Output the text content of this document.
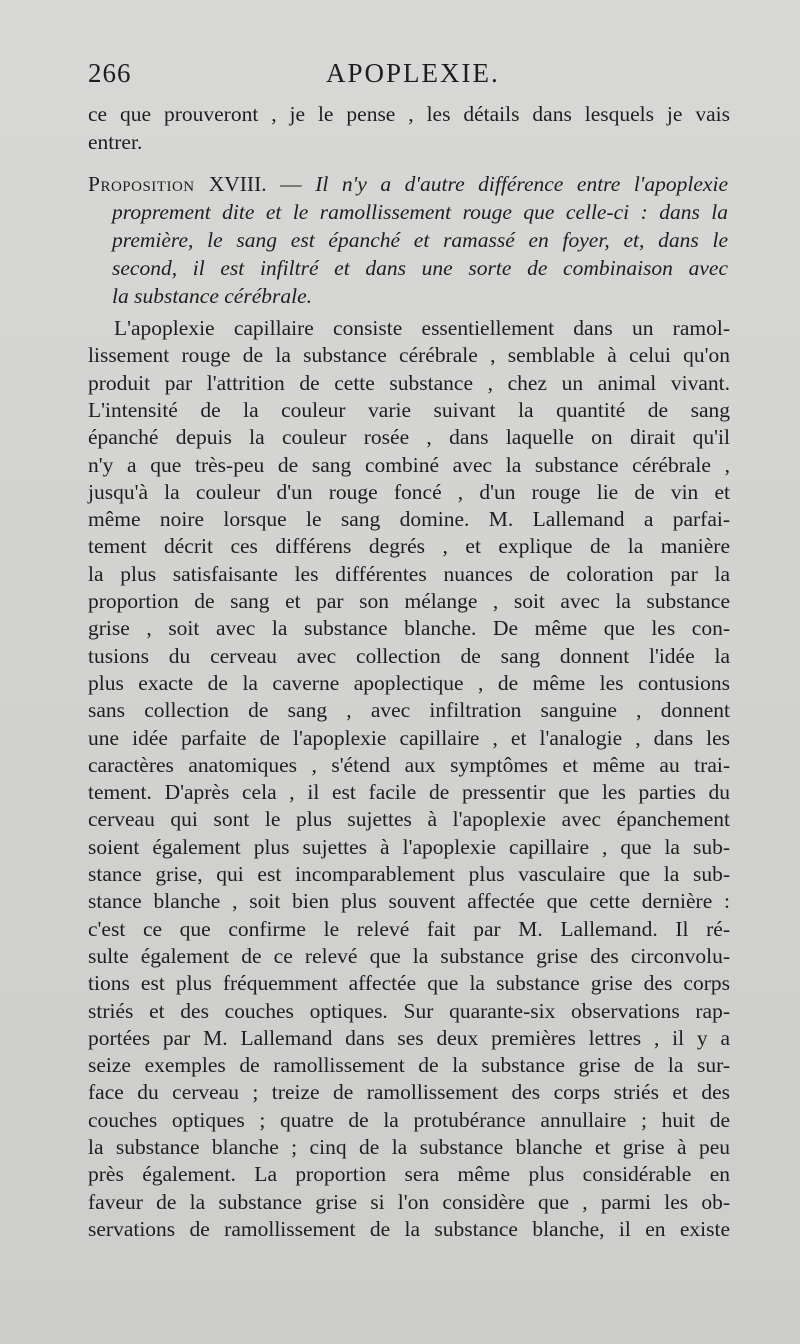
266	APOPLEXIE.
ce que prouveront , je le pense , les détails dans lesquels je vais
entrer.
Proposition XVIII. — Il n'y a d'autre différence entre l'apoplexie
proprement dite et le ramollissement rouge que celle-ci : dans la
première, le sang est épanché et ramassé en foyer, et, dans le
second, il est infiltré et dans une sorte de combinaison avec
la substance cérébrale.
L'apoplexie capillaire consiste essentiellement dans un ramol-
lissement rouge de la substance cérébrale , semblable à celui qu'on
produit par l'attrition de cette substance , chez un animal vivant.
L'intensité de la couleur varie suivant la quantité de sang
épanché depuis la couleur rosée , dans laquelle on dirait qu'il
n'y a que très-peu de sang combiné avec la substance cérébrale ,
jusqu'à la couleur d'un rouge foncé , d'un rouge lie de vin et
même noire lorsque le sang domine. M. Lallemand a parfai-
tement décrit ces différens degrés , et explique de la manière
la plus satisfaisante les différentes nuances de coloration par la
proportion de sang et par son mélange , soit avec la substance
grise , soit avec la substance blanche. De même que les con-
tusions du cerveau avec collection de sang donnent l'idée la
plus exacte de la caverne apoplectique , de même les contusions
sans collection de sang , avec infiltration sanguine , donnent
une idée parfaite de l'apoplexie capillaire , et l'analogie , dans les
caractères anatomiques , s'étend aux symptômes et même au trai-
tement. D'après cela , il est facile de pressentir que les parties du
cerveau qui sont le plus sujettes à l'apoplexie avec épanchement
soient également plus sujettes à l'apoplexie capillaire , que la sub-
stance grise, qui est incomparablement plus vasculaire que la sub-
stance blanche , soit bien plus souvent affectée que cette dernière :
c'est ce que confirme le relevé fait par M. Lallemand. Il ré-
sulte également de ce relevé que la substance grise des circonvolu-
tions est plus fréquemment affectée que la substance grise des corps
striés et des couches optiques. Sur quarante-six observations rap-
portées par M. Lallemand dans ses deux premières lettres , il y a
seize exemples de ramollissement de la substance grise de la sur-
face du cerveau ; treize de ramollissement des corps striés et des
couches optiques ; quatre de la protubérance annullaire ; huit de
la substance blanche ; cinq de la substance blanche et grise à peu
près également. La proportion sera même plus considérable en
faveur de la substance grise si l'on considère que , parmi les ob-
servations de ramollissement de la substance blanche, il en existe
